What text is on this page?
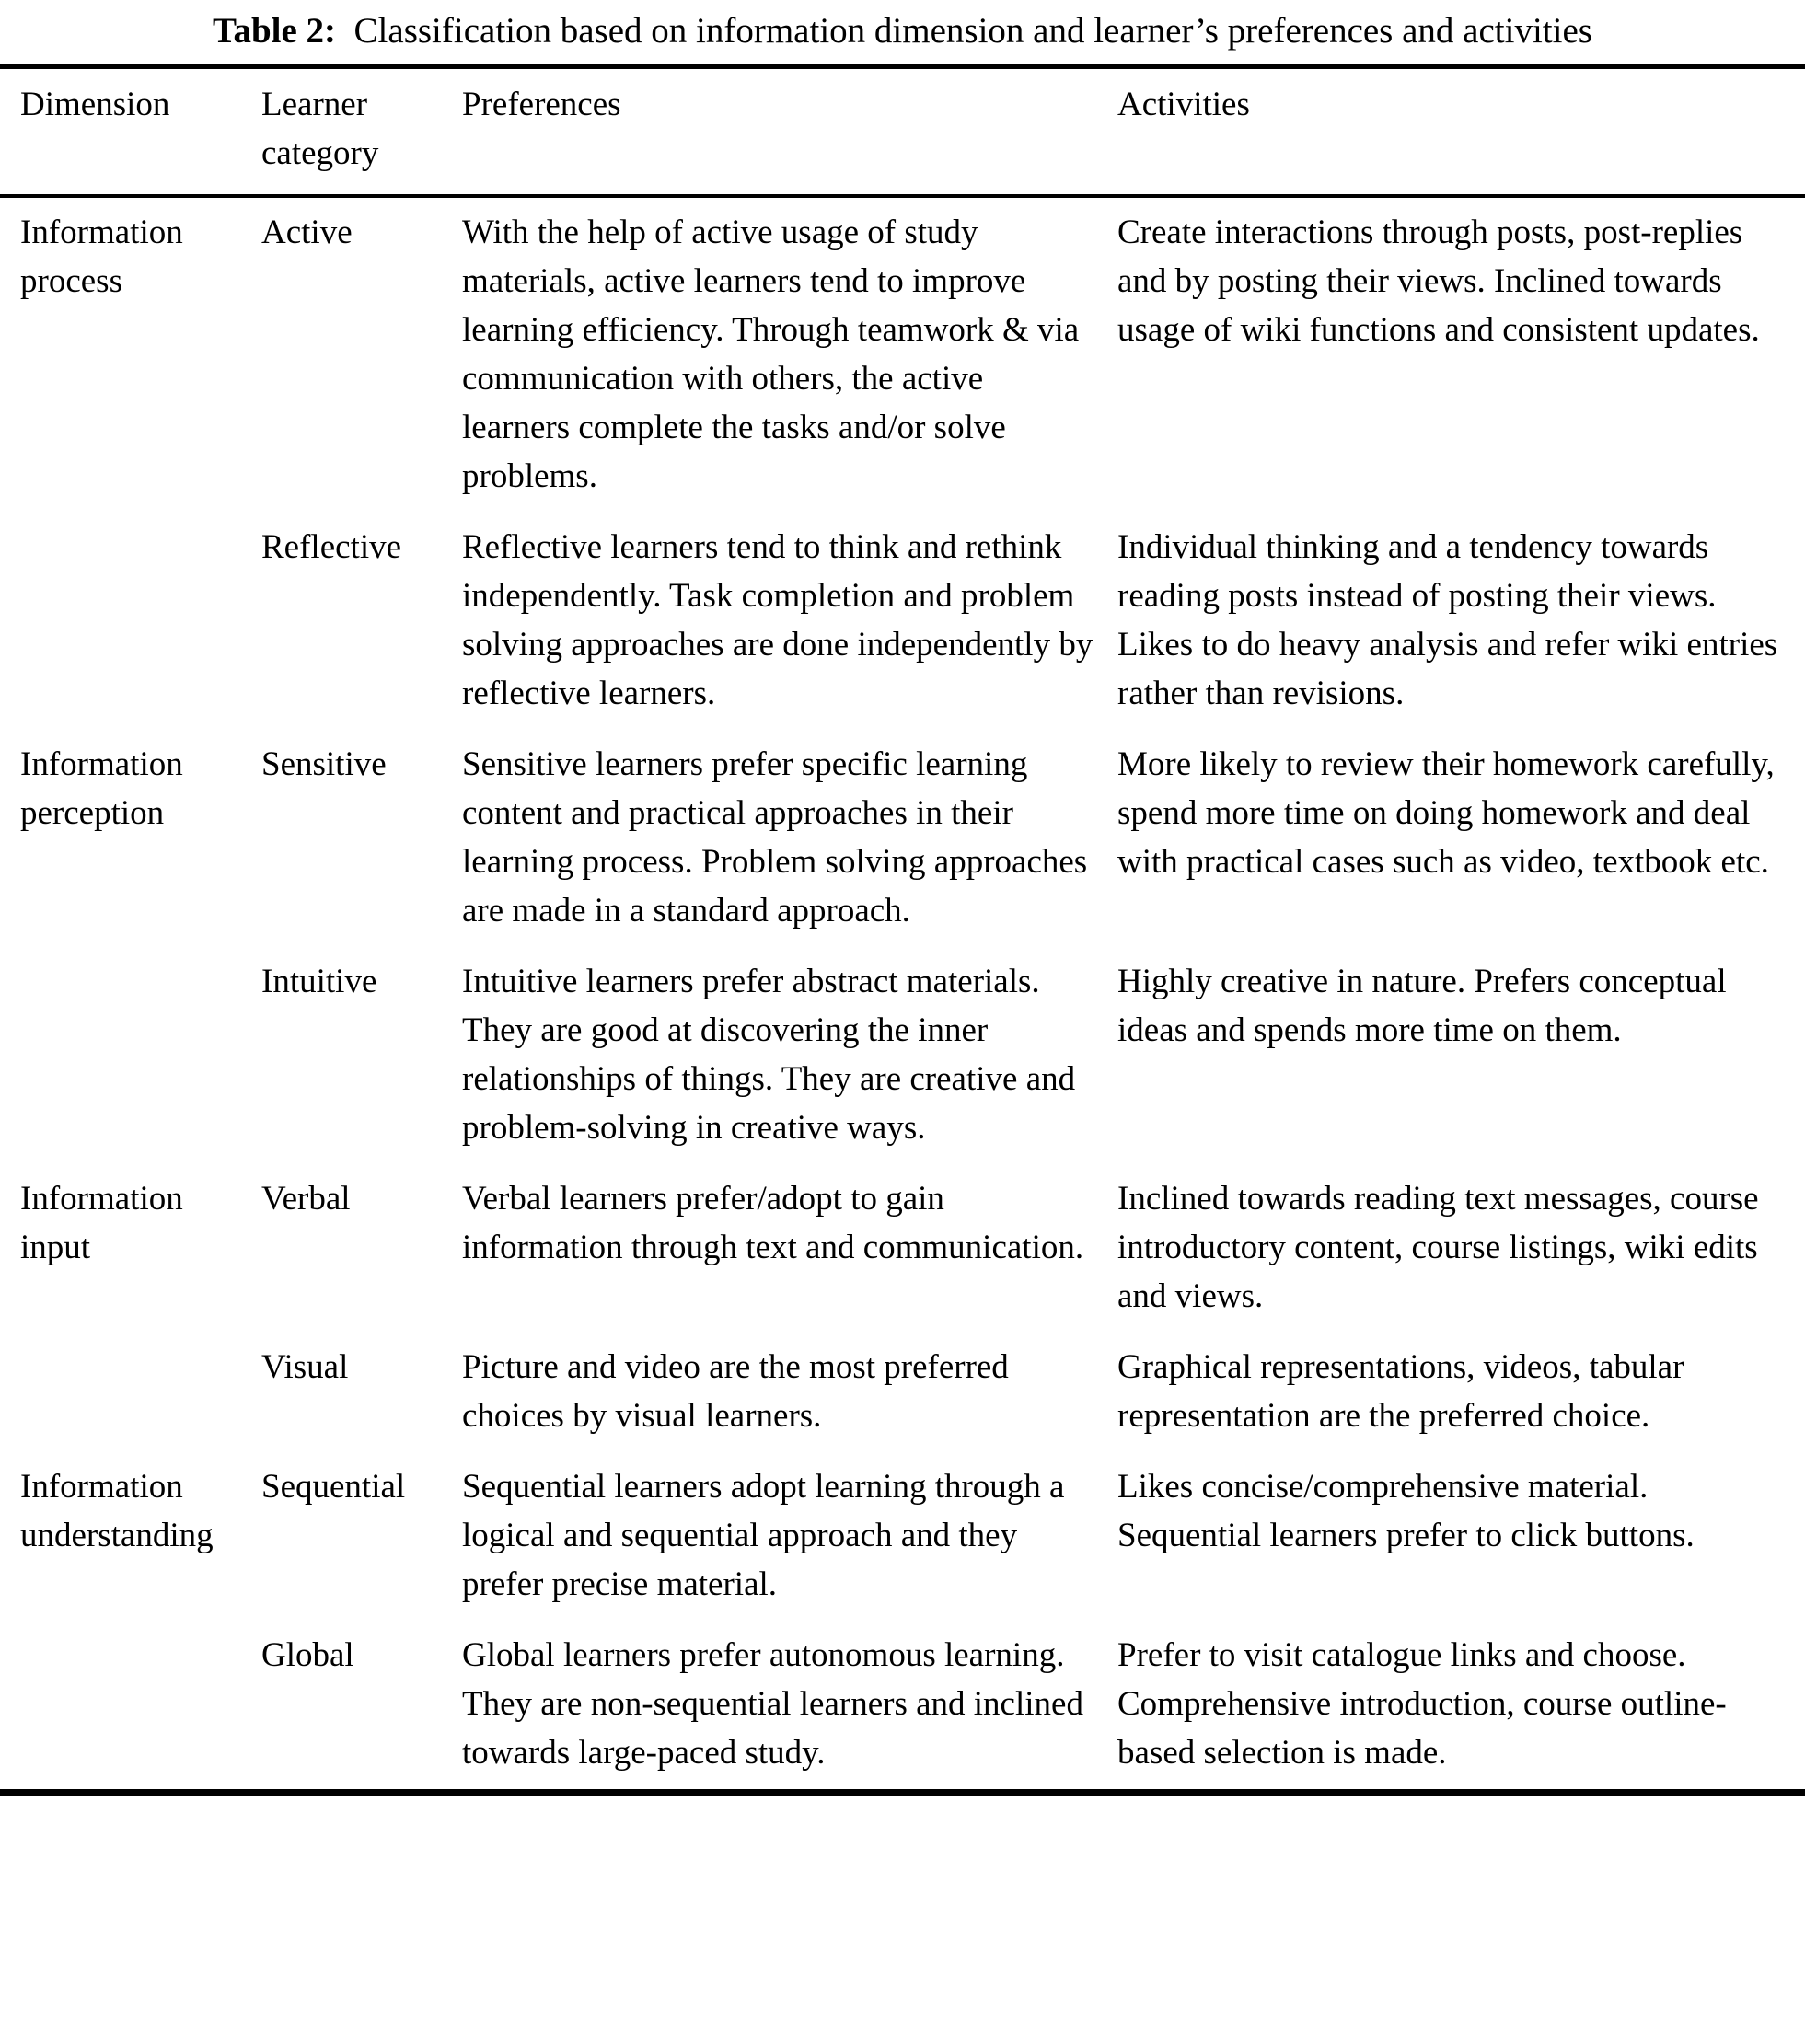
Table 2: Classification based on information dimension and learner’s preferences and activities
Dimension	Learner category	Preferences	Activities
Information process	Active	With the help of active usage of study materials, active learners tend to improve learning efficiency. Through teamwork & via communication with others, the active learners complete the tasks and/or solve problems.	Create interactions through posts, post-replies and by posting their views. Inclined towards usage of wiki functions and consistent updates.
	Reflective	Reflective learners tend to think and rethink independently. Task completion and problem solving approaches are done independently by reflective learners.	Individual thinking and a tendency towards reading posts instead of posting their views. Likes to do heavy analysis and refer wiki entries rather than revisions.
Information perception	Sensitive	Sensitive learners prefer specific learning content and practical approaches in their learning process. Problem solving approaches are made in a standard approach.	More likely to review their homework carefully, spend more time on doing homework and deal with practical cases such as video, textbook etc.
	Intuitive	Intuitive learners prefer abstract materials. They are good at discovering the inner relationships of things. They are creative and problem-solving in creative ways.	Highly creative in nature. Prefers conceptual ideas and spends more time on them.
Information input	Verbal	Verbal learners prefer/adopt to gain information through text and communication.	Inclined towards reading text messages, course introductory content, course listings, wiki edits and views.
	Visual	Picture and video are the most preferred choices by visual learners.	Graphical representations, videos, tabular representation are the preferred choice.
Information understanding	Sequential	Sequential learners adopt learning through a logical and sequential approach and they prefer precise material.	Likes concise/comprehensive material. Sequential learners prefer to click buttons.
	Global	Global learners prefer autonomous learning. They are non-sequential learners and inclined towards large-paced study.	Prefer to visit catalogue links and choose. Comprehensive introduction, course outline-based selection is made.
